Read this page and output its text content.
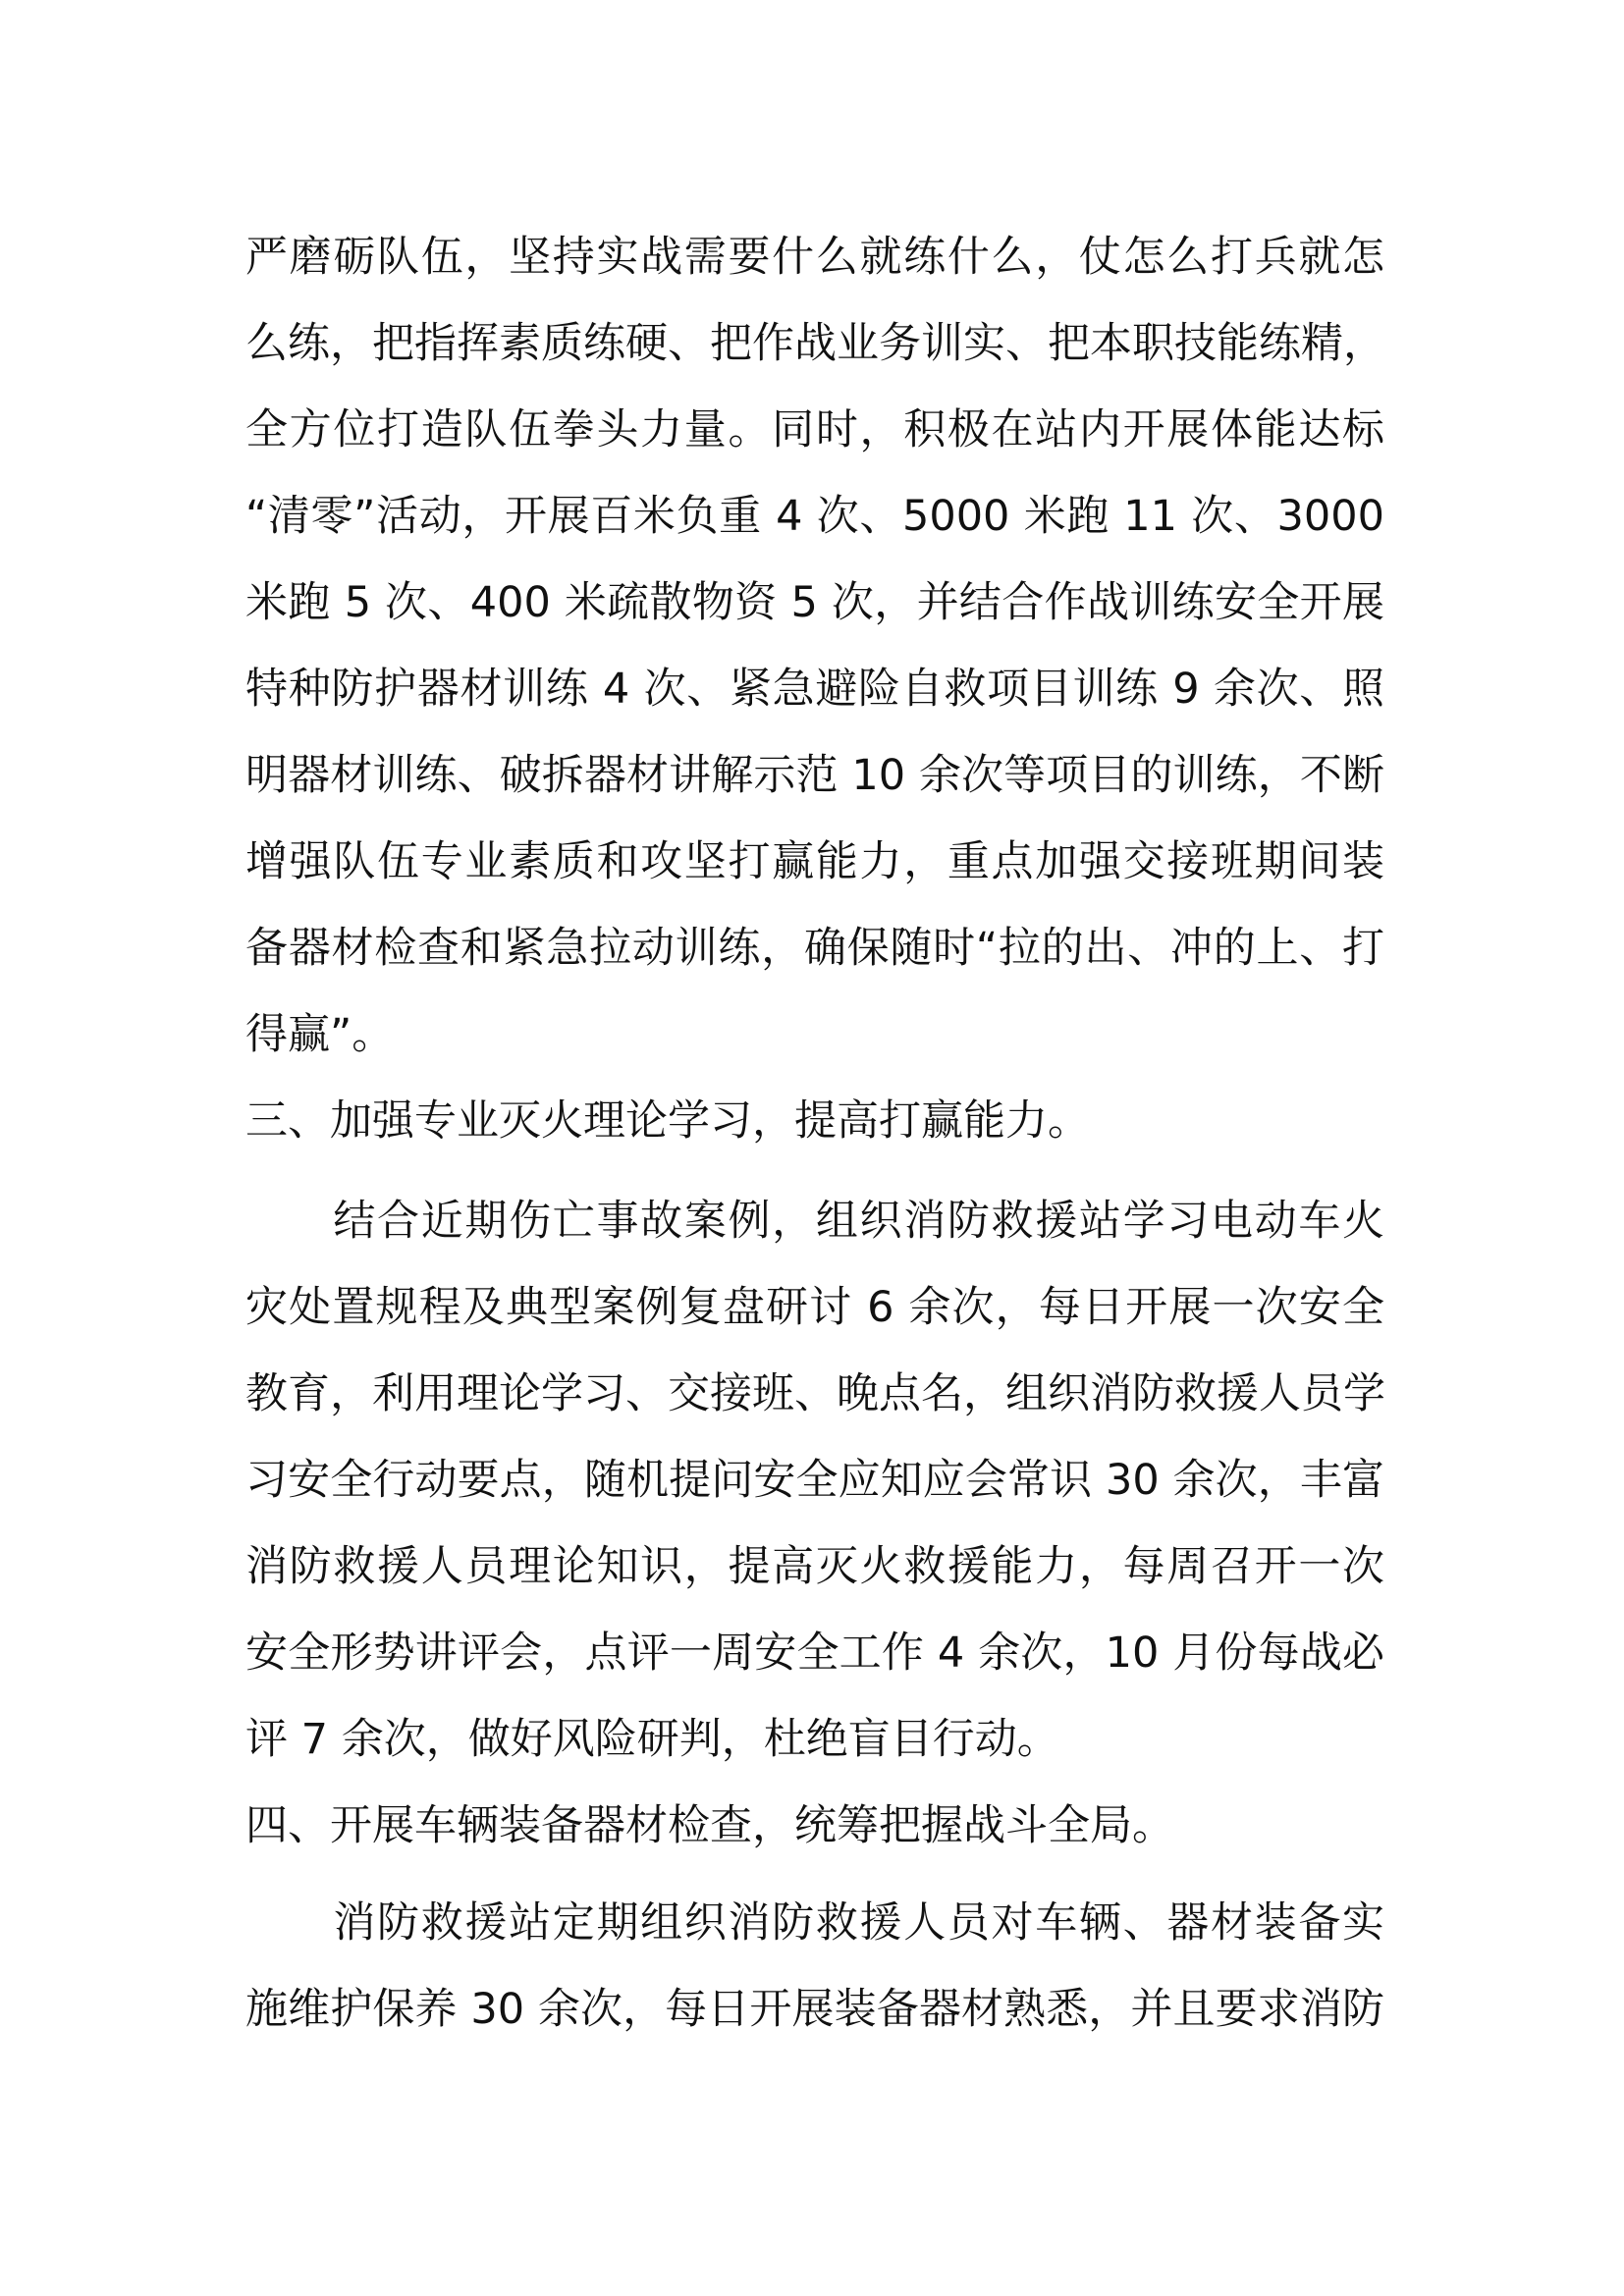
严磨砺队伍，坚持实战需要什么就练什么，仗怎么打兵就怎
么练，把指挥素质练硬、把作战业务训实、把本职技能练精，
全方位打造队伍拳头力量。同时，积极在站内开展体能达标
“清零”活动，开展百米负重 4 次、5000 米跑 11 次、3000
米跑 5 次、400 米疏散物资 5 次，并结合作战训练安全开展
特种防护器材训练 4 次、紧急避险自救项目训练 9 余次、照
明器材训练、破拆器材讲解示范 10 余次等项目的训练，不断
增强队伍专业素质和攻坚打赢能力，重点加强交接班期间装
备器材检查和紧急拉动训练，确保随时“拉的出、冲的上、打
得赢”。
三、加强专业灭火理论学习，提高打赢能力。
　　结合近期伤亡事故案例，组织消防救援站学习电动车火
灾处置规程及典型案例复盘研讨 6 余次，每日开展一次安全
教育，利用理论学习、交接班、晚点名，组织消防救援人员学
习安全行动要点，随机提问安全应知应会常识 30 余次，丰富
消防救援人员理论知识，提高灭火救援能力，每周召开一次
安全形势讲评会，点评一周安全工作 4 余次，10 月份每战必
评 7 余次，做好风险研判，杜绝盲目行动。
四、开展车辆装备器材检查，统筹把握战斗全局。
　　消防救援站定期组织消防救援人员对车辆、器材装备实
施维护保养 30 余次，每日开展装备器材熟悉，并且要求消防
